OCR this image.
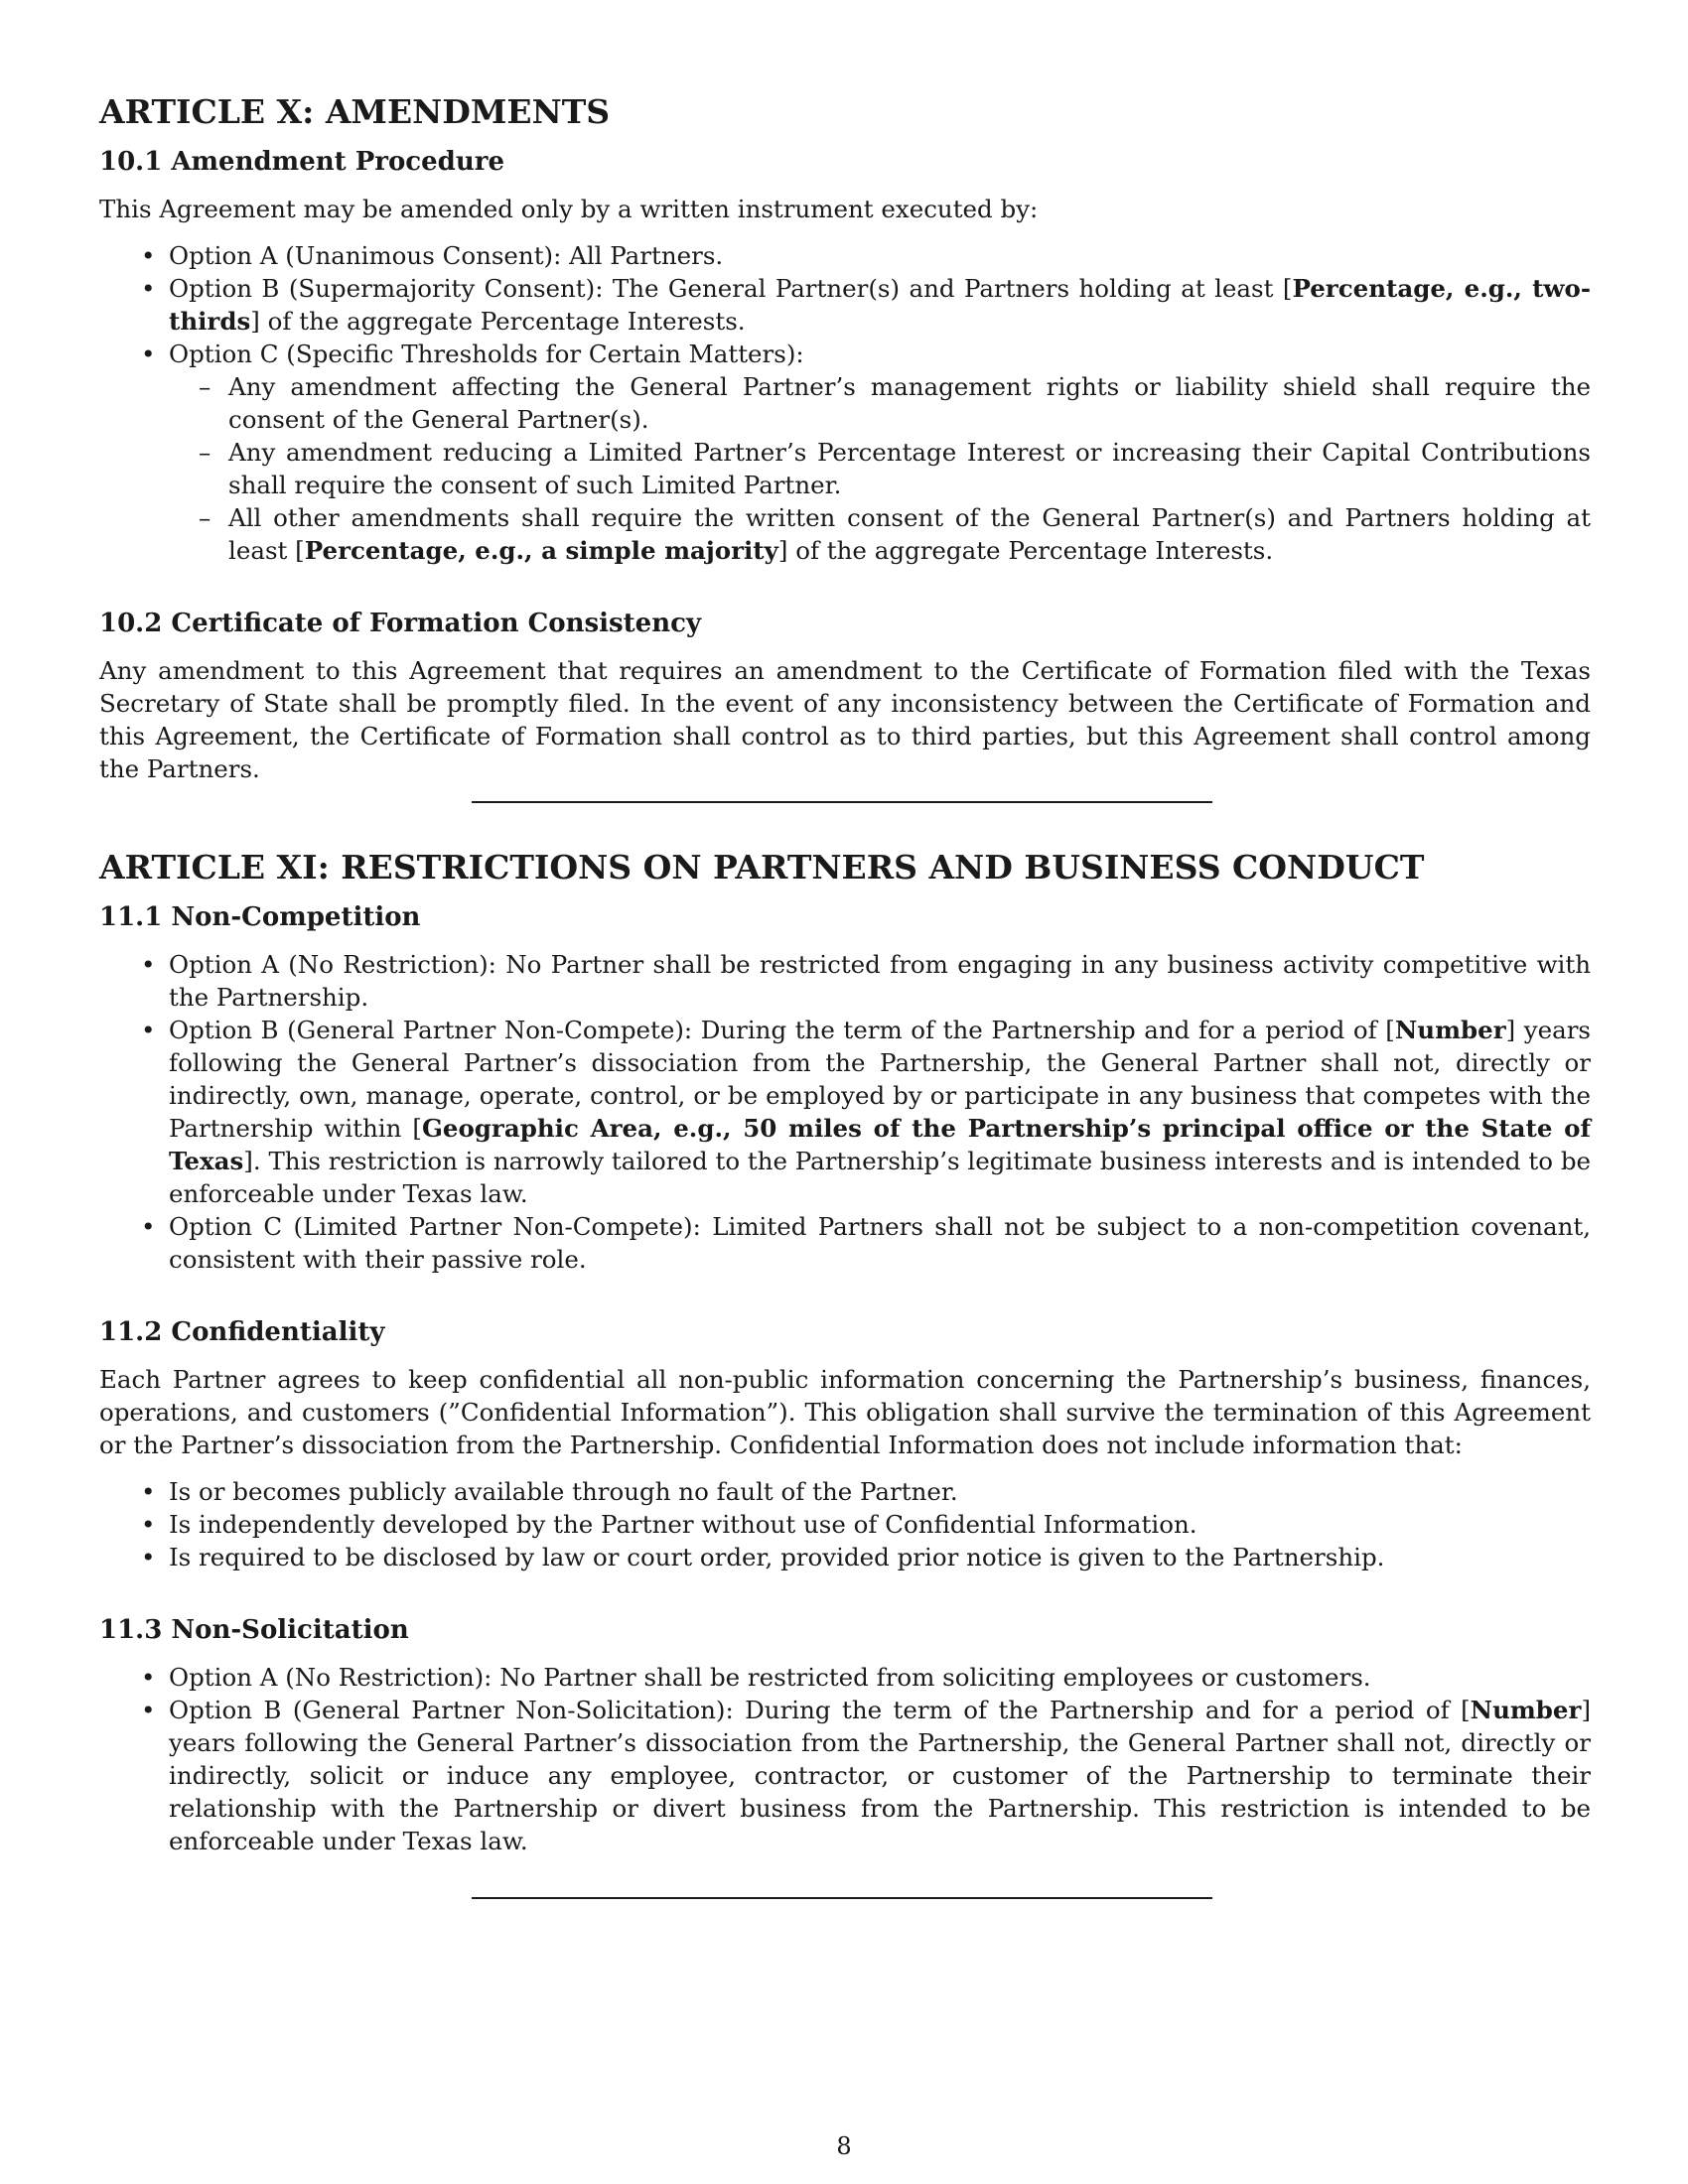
ARTICLE X: AMENDMENTS
10.1 Amendment Procedure

This Agreement may be amended only by a written instrument executed by:

• Option A (Unanimous Consent): All Partners.
• Option B (Supermajority Consent): The General Partner(s) and Partners holding at least [Percentage, e.g., two-thirds] of the aggregate Percentage Interests.
• Option C (Specific Thresholds for Certain Matters):
– Any amendment affecting the General Partner’s management rights or liability shield shall require the consent of the General Partner(s).
– Any amendment reducing a Limited Partner’s Percentage Interest or increasing their Capital Contributions shall require the consent of such Limited Partner.
– All other amendments shall require the written consent of the General Partner(s) and Partners holding at least [Percentage, e.g., a simple majority] of the aggregate Percentage Interests.
10.2 Certificate of Formation Consistency

Any amendment to this Agreement that requires an amendment to the Certificate of Formation filed with the Texas Secretary of State shall be promptly filed. In the event of any inconsistency between the Certificate of Formation and this Agreement, the Certificate of Formation shall control as to third parties, but this Agreement shall control among the Partners.

ARTICLE XI: RESTRICTIONS ON PARTNERS AND BUSINESS CONDUCT
11.1 Non-Competition
• Option A (No Restriction): No Partner shall be restricted from engaging in any business activity competitive with the Partnership.
• Option B (General Partner Non-Compete): During the term of the Partnership and for a period of [Number] years following the General Partner’s dissociation from the Partnership, the General Partner shall not, directly or indirectly, own, manage, operate, control, or be employed by or participate in any business that competes with the Partnership within [Geographic Area, e.g., 50 miles of the Partnership’s principal office or the State of Texas]. This restriction is narrowly tailored to the Partnership’s legitimate business interests and is intended to be enforceable under Texas law.
• Option C (Limited Partner Non-Compete): Limited Partners shall not be subject to a non-competition covenant, consistent with their passive role.
11.2 Confidentiality

Each Partner agrees to keep confidential all non-public information concerning the Partnership’s business, finances, operations, and customers (”Confidential Information”). This obligation shall survive the termination of this Agreement or the Partner’s dissociation from the Partnership. Confidential Information does not include information that:

• Is or becomes publicly available through no fault of the Partner.
• Is independently developed by the Partner without use of Confidential Information.
• Is required to be disclosed by law or court order, provided prior notice is given to the Partnership.
11.3 Non-Solicitation
• Option A (No Restriction): No Partner shall be restricted from soliciting employees or customers.
• Option B (General Partner Non-Solicitation): During the term of the Partnership and for a period of [Number] years following the General Partner’s dissociation from the Partnership, the General Partner shall not, directly or indirectly, solicit or induce any employee, contractor, or customer of the Partnership to terminate their relationship with the Partnership or divert business from the Partnership. This restriction is intended to be enforceable under Texas law.
8
